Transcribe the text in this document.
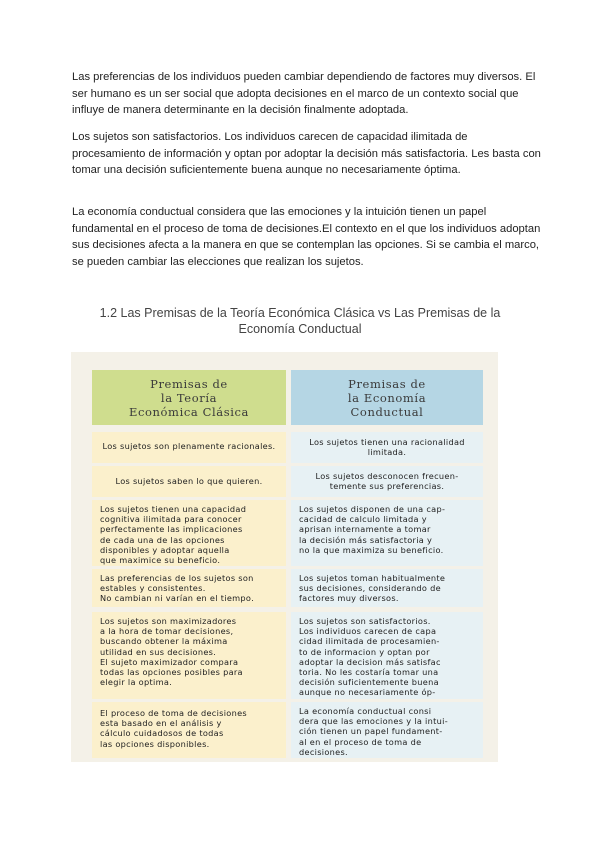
Las preferencias de los individuos pueden cambiar dependiendo de factores muy diversos. El ser humano es un ser social que adopta decisiones en el marco de un contexto social que influye de manera determinante en la decisión finalmente adoptada.

Los sujetos son satisfactorios. Los individuos carecen de capacidad ilimitada de procesamiento de información y optan por adoptar la decisión más satisfactoria. Les basta con tomar una decisión suficientemente buena aunque no necesariamente óptima.

La economía conductual considera que las emociones y la intuición tienen un papel fundamental en el proceso de toma de decisiones.El contexto en el que los individuos adoptan sus decisiones afecta a la manera en que se contemplan las opciones. Si se cambia el marco, se pueden cambiar las elecciones que realizan los sujetos.

1.2 Las Premisas de la Teoría Económica Clásica vs Las Premisas de la Economía Conductual

Premisas de
la Teoría
Económica Clásica
Premisas de
la Economía
Conductual
Los sujetos son plenamente racionales.	Los sujetos tienen una racionalidad
limitada.
Los sujetos saben lo que quieren.	Los sujetos desconocen frecuen-
temente sus preferencias.
Los sujetos tienen una capacidad
cognitiva ilimitada para conocer
perfectamente las implicaciones
de cada una de las opciones
disponibles y adoptar aquella
que maximice su beneficio.
Los sujetos disponen de una cap-
cacidad de calculo limitada y
aprisan internamente a tomar
la decisión más satisfactoria y
no la que maximiza su beneficio.
Las preferencias de los sujetos son
estables y consistentes.
No cambian ni varían en el tiempo.
Los sujetos toman habitualmente
sus decisiones, considerando de
factores muy diversos.
Los sujetos son maximizadores
a la hora de tomar decisiones,
buscando obtener la máxima
utilidad en sus decisiones.
El sujeto maximizador compara
todas las opciones posibles para
elegir la optima.
Los sujetos son satisfactorios.
Los individuos carecen de capa
cidad ilimitada de procesamien-
to de informacion y optan por
adoptar la decision más satisfac
toria. No les costaría tomar una
decisión suficientemente buena
aunque no necesariamente óp-
El proceso de toma de decisiones
esta basado en el análisis y
cálculo cuidadosos de todas
las opciones disponibles.
La economía conductual consi
dera que las emociones y la intui-
ción tienen un papel fundament-
al en el proceso de toma de
decisiones.
